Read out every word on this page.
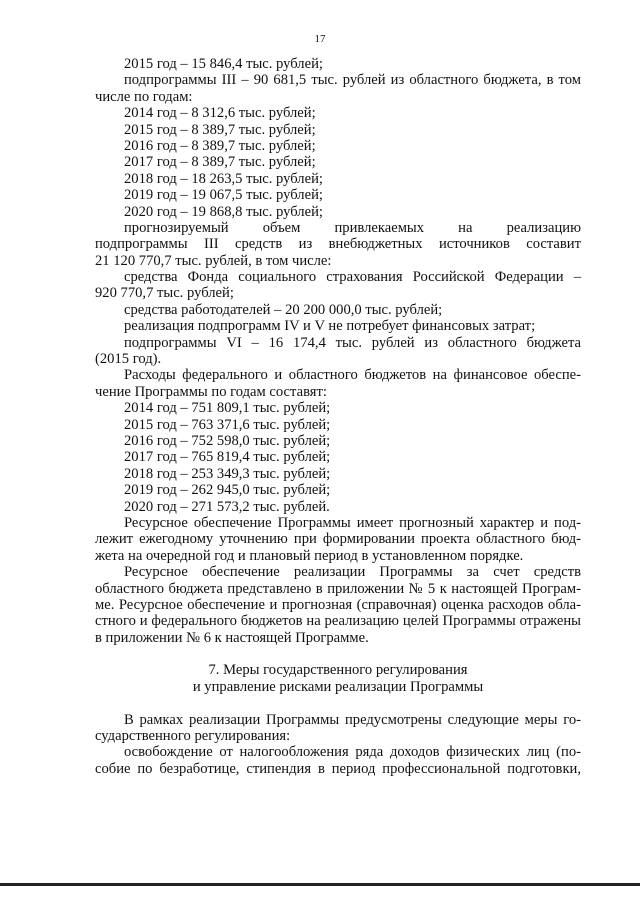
17
2015 год – 15 846,4 тыс. рублей;
подпрограммы III – 90 681,5 тыс. рублей из областного бюджета, в том
числе по годам:
2014 год – 8 312,6 тыс. рублей;
2015 год – 8 389,7 тыс. рублей;
2016 год – 8 389,7 тыс. рублей;
2017 год – 8 389,7 тыс. рублей;
2018 год – 18 263,5 тыс. рублей;
2019 год – 19 067,5 тыс. рублей;
2020 год – 19 868,8 тыс. рублей;
прогнозируемый объем привлекаемых на реализацию
подпрограммы III средств из внебюджетных источников составит
21 120 770,7 тыс. рублей, в том числе:
средства Фонда социального страхования Российской Федерации –
920 770,7 тыс. рублей;
средства работодателей – 20 200 000,0 тыс. рублей;
реализация подпрограмм IV и V не потребует финансовых затрат;
подпрограммы VI – 16 174,4 тыс. рублей из областного бюджета
(2015 год).
Расходы федерального и областного бюджетов на финансовое обеспе-
чение Программы по годам составят:
2014 год – 751 809,1 тыс. рублей;
2015 год – 763 371,6 тыс. рублей;
2016 год – 752 598,0 тыс. рублей;
2017 год – 765 819,4 тыс. рублей;
2018 год – 253 349,3 тыс. рублей;
2019 год – 262 945,0 тыс. рублей;
2020 год – 271 573,2 тыс. рублей.
Ресурсное обеспечение Программы имеет прогнозный характер и под-
лежит ежегодному уточнению при формировании проекта областного бюд-
жета на очередной год и плановый период в установленном порядке.
Ресурсное обеспечение реализации Программы за счет средств
областного бюджета представлено в приложении № 5 к настоящей Програм-
ме. Ресурсное обеспечение и прогнозная (справочная) оценка расходов обла-
стного и федерального бюджетов на реализацию целей Программы отражены
в приложении № 6 к настоящей Программе.
7. Меры государственного регулирования
и управление рисками реализации Программы
В рамках реализации Программы предусмотрены следующие меры го-
сударственного регулирования:
освобождение от налогообложения ряда доходов физических лиц (по-
собие по безработице, стипендия в период профессиональной подготовки,
